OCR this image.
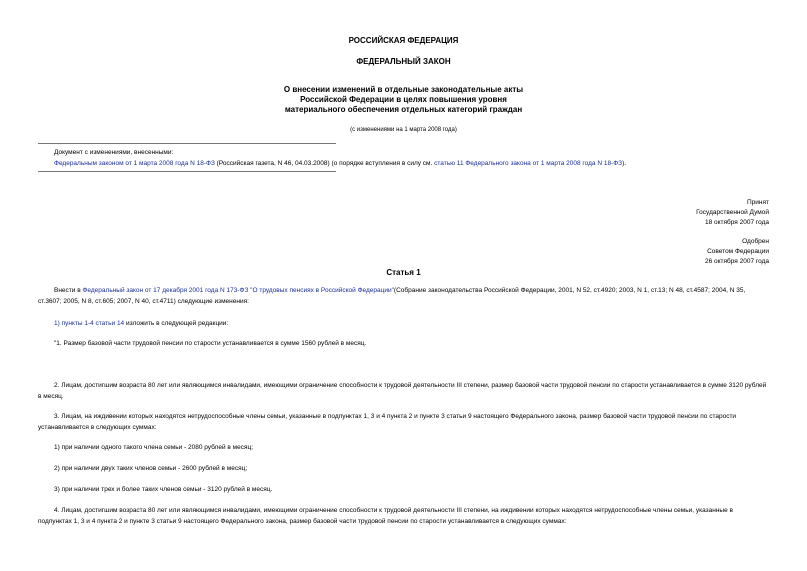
РОССИЙСКАЯ ФЕДЕРАЦИЯ
ФЕДЕРАЛЬНЫЙ ЗАКОН
О внесении изменений в отдельные законодательные акты
Российской Федерации в целях повышения уровня
материального обеспечения отдельных категорий граждан
(с изменениями на 1 марта 2008 года)
Документ с изменениями, внесенными:
Федеральным законом от 1 марта 2008 года N 18-ФЗ (Российская газета, N 46, 04.03.2008) (о порядке вступления в силу см. статью 11 Федерального закона от 1 марта 2008 года N 18-ФЗ).
Принят
Государственной Думой
18 октября 2007 года
Одобрен
Советом Федерации
26 октября 2007 года
Статья 1
Внести в Федеральный закон от 17 декабря 2001 года N 173-ФЗ "О трудовых пенсиях в Российской Федерации"(Собрание законодательства Российской Федерации, 2001, N 52, ст.4920; 2003, N 1, ст.13; N 48, ст.4587; 2004, N 35, ст.3607; 2005, N 8, ст.605; 2007, N 40, ст.4711) следующие изменения:
1) пункты 1-4 статьи 14 изложить в следующей редакции:
"1. Размер базовой части трудовой пенсии по старости устанавливается в сумме 1560 рублей в месяц.
2. Лицам, достигшим возраста 80 лет или являющимся инвалидами, имеющими ограничение способности к трудовой деятельности III степени, размер базовой части трудовой пенсии по старости устанавливается в сумме 3120 рублей в месяц.
3. Лицам, на иждивении которых находятся нетрудоспособные члены семьи, указанные в подпунктах 1, 3 и 4 пункта 2 и пункте 3 статьи 9 настоящего Федерального закона, размер базовой части трудовой пенсии по старости устанавливается в следующих суммах:
1) при наличии одного такого члена семьи - 2080 рублей в месяц;
2) при наличии двух таких членов семьи - 2600 рублей в месяц;
3) при наличии трех и более таких членов семьи - 3120 рублей в месяц.
4. Лицам, достигшим возраста 80 лет или являющимся инвалидами, имеющими ограничение способности к трудовой деятельности III степени, на иждивении которых находятся нетрудоспособные члены семьи, указанные в подпунктах 1, 3 и 4 пункта 2 и пункте 3 статьи 9 настоящего Федерального закона, размер базовой части трудовой пенсии по старости устанавливается в следующих суммах:
